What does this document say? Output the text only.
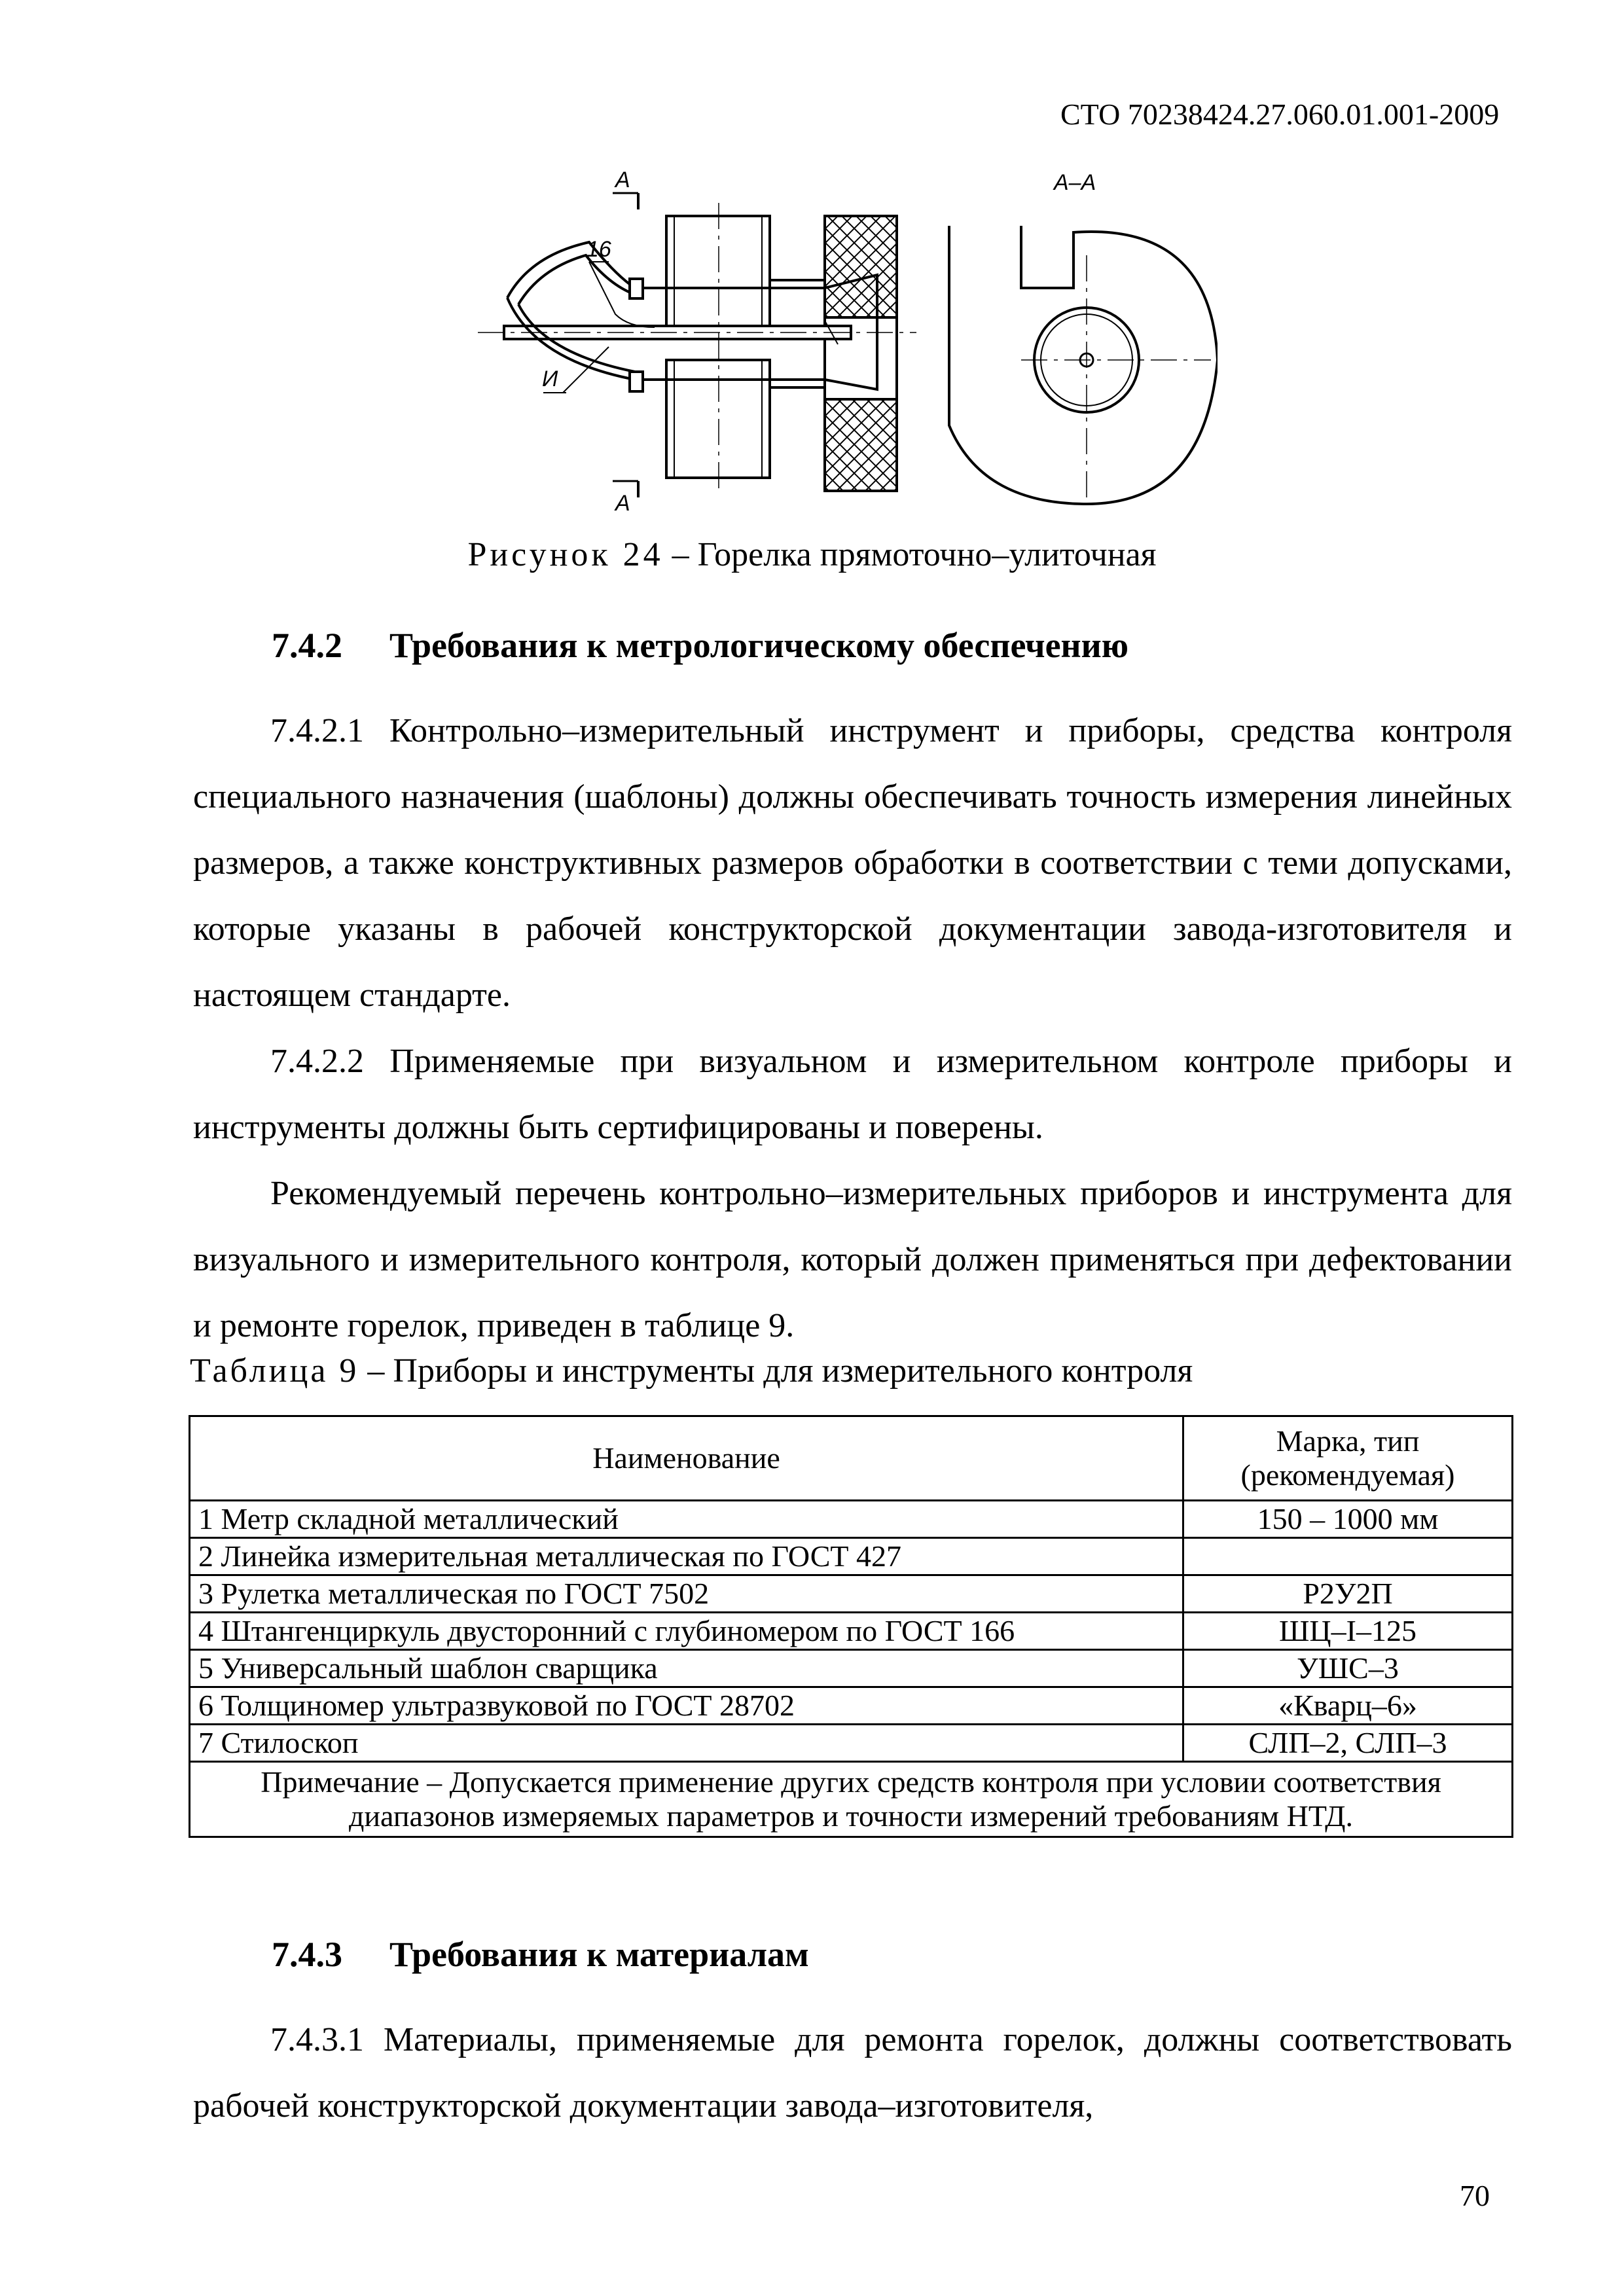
СТО 70238424.27.060.01.001-2009
А
А
16
И
А–А
Рисунок 24 – Горелка прямоточно–улиточная
7.4.2 Требования к метрологическому обеспечению
7.4.2.1 Контрольно–измерительный инструмент и приборы, средства контроля специального назначения (шаблоны) должны обеспечивать точность измерения линейных размеров, а также конструктивных размеров обработки в соответствии с теми допусками, которые указаны в рабочей конструкторской документации завода-изготовителя и настоящем стандарте.
7.4.2.2 Применяемые при визуальном и измерительном контроле приборы и инструменты должны быть сертифицированы и поверены.
Рекомендуемый перечень контрольно–измерительных приборов и инструмента для визуального и измерительного контроля, который должен применяться при дефектовании и ремонте горелок, приведен в таблице 9.
Таблица 9 – Приборы и инструменты для измерительного контроля
Наименование	Марка, тип (рекомендуемая)
1 Метр складной металлический	150 – 1000 мм
2 Линейка измерительная металлическая по ГОСТ 427	
3 Рулетка металлическая по ГОСТ 7502	Р2У2П
4 Штангенциркуль двусторонний с глубиномером по ГОСТ 166	ШЦ–I–125
5 Универсальный шаблон сварщика	УШС–3
6 Толщиномер ультразвуковой по ГОСТ 28702	«Кварц–6»
7 Стилоскоп	СЛП–2, СЛП–3
Примечание – Допускается применение других средств контроля при условии соответствия диапазонов измеряемых параметров и точности измерений требованиям НТД.	
7.4.3 Требования к материалам
7.4.3.1 Материалы, применяемые для ремонта горелок, должны соответствовать рабочей конструкторской документации завода–изготовителя,
70
